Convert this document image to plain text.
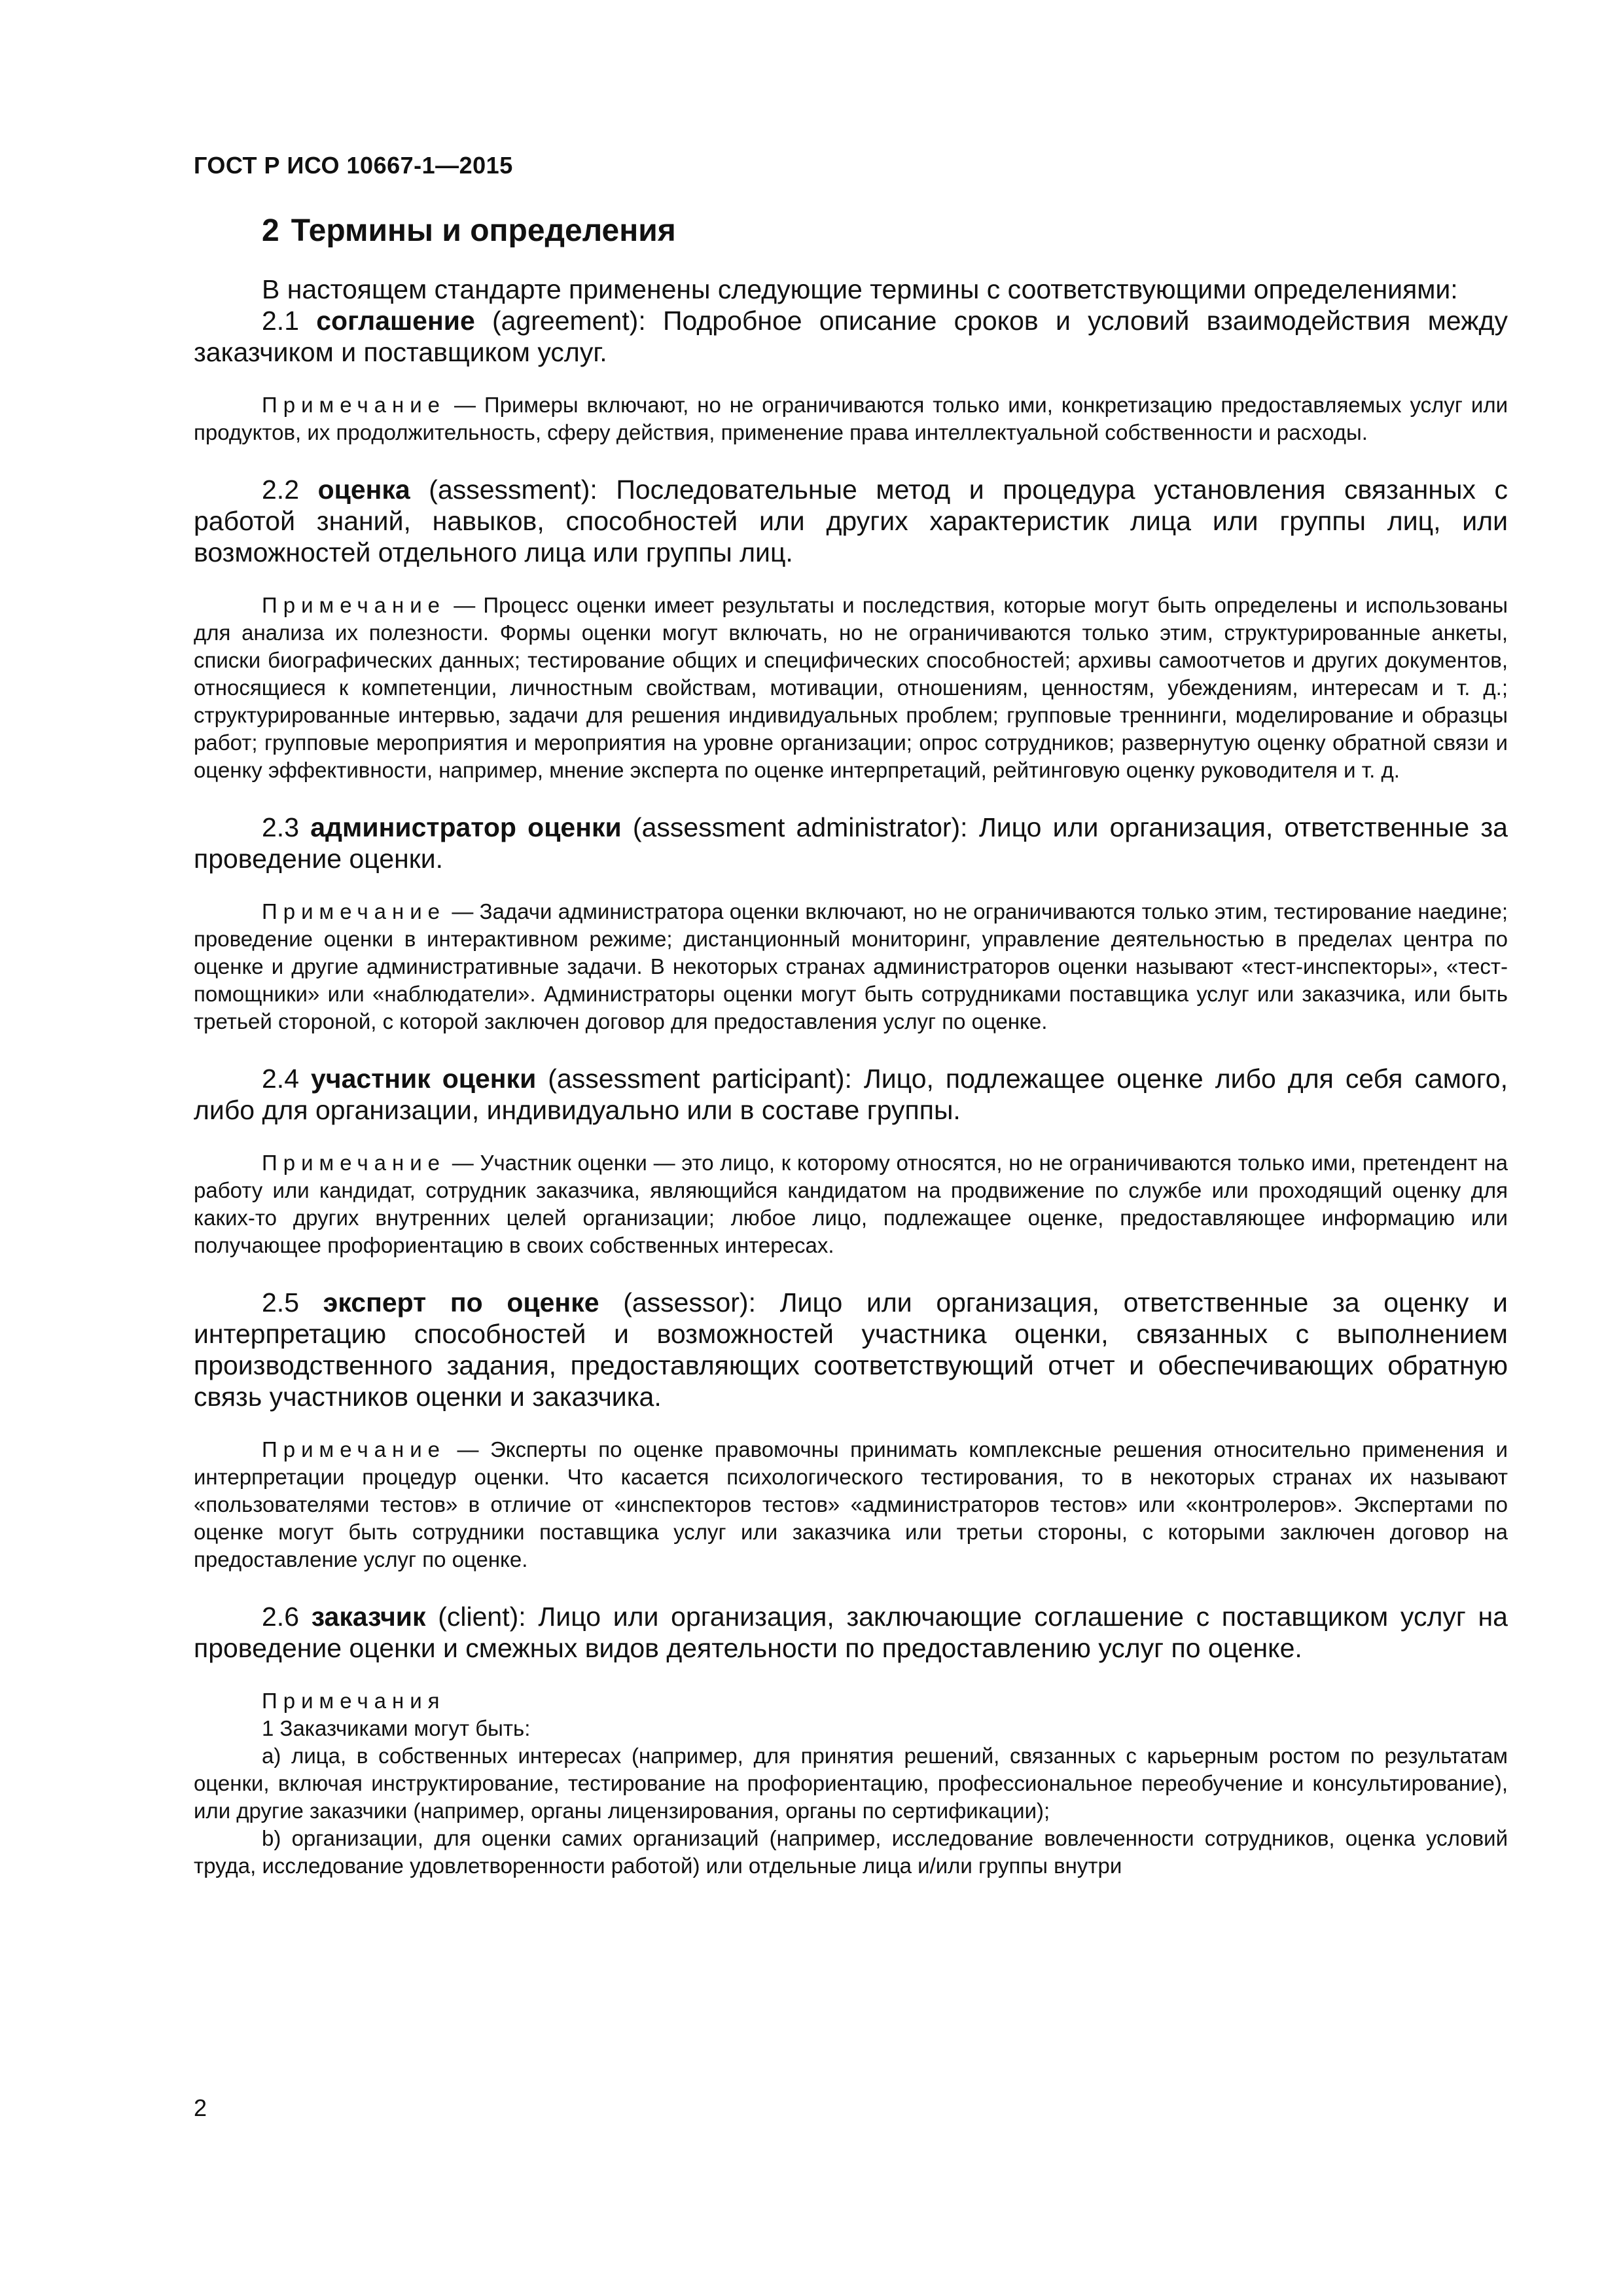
ГОСТ Р ИСО 10667-1—2015
2 Термины и определения

В настоящем стандарте применены следующие термины с соответствующими определениями:

2.1 соглашение (agreement): Подробное описание сроков и условий взаимодействия между заказчиком и поставщиком услуг.

Примечание — Примеры включают, но не ограничиваются только ими, конкретизацию предоставляемых услуг или продуктов, их продолжительность, сферу действия, применение права интеллектуальной собственности и расходы.

2.2 оценка (assessment): Последовательные метод и процедура установления связанных с работой знаний, навыков, способностей или других характеристик лица или группы лиц, или возможностей отдельного лица или группы лиц.

Примечание — Процесс оценки имеет результаты и последствия, которые могут быть определены и использованы для анализа их полезности. Формы оценки могут включать, но не ограничиваются только этим, структурированные анкеты, списки биографических данных; тестирование общих и специфических способностей; архивы самоотчетов и других документов, относящиеся к компетенции, личностным свойствам, мотивации, отношениям, ценностям, убеждениям, интересам и т. д.; структурированные интервью, задачи для решения индивидуальных проблем; групповые треннинги, моделирование и образцы работ; групповые мероприятия и мероприятия на уровне организации; опрос сотрудников; развернутую оценку обратной связи и оценку эффективности, например, мнение эксперта по оценке интерпретаций, рейтинговую оценку руководителя и т. д.

2.3 администратор оценки (assessment administrator): Лицо или организация, ответственные за проведение оценки.

Примечание — Задачи администратора оценки включают, но не ограничиваются только этим, тестирование наедине; проведение оценки в интерактивном режиме; дистанционный мониторинг, управление деятельностью в пределах центра по оценке и другие административные задачи. В некоторых странах администраторов оценки называют «тест-инспекторы», «тест-помощники» или «наблюдатели». Администраторы оценки могут быть сотрудниками поставщика услуг или заказчика, или быть третьей стороной, с которой заключен договор для предоставления услуг по оценке.

2.4 участник оценки (assessment participant): Лицо, подлежащее оценке либо для себя самого, либо для организации, индивидуально или в составе группы.

Примечание — Участник оценки — это лицо, к которому относятся, но не ограничиваются только ими, претендент на работу или кандидат, сотрудник заказчика, являющийся кандидатом на продвижение по службе или проходящий оценку для каких-то других внутренних целей организации; любое лицо, подлежащее оценке, предоставляющее информацию или получающее профориентацию в своих собственных интересах.

2.5 эксперт по оценке (assessor): Лицо или организация, ответственные за оценку и интерпретацию способностей и возможностей участника оценки, связанных с выполнением производственного задания, предоставляющих соответствующий отчет и обеспечивающих обратную связь участников оценки и заказчика.

Примечание — Эксперты по оценке правомочны принимать комплексные решения относительно применения и интерпретации процедур оценки. Что касается психологического тестирования, то в некоторых странах их называют «пользователями тестов» в отличие от «инспекторов тестов» «администраторов тестов» или «контролеров». Экспертами по оценке могут быть сотрудники поставщика услуг или заказчика или третьи стороны, с которыми заключен договор на предоставление услуг по оценке.

2.6 заказчик (client): Лицо или организация, заключающие соглашение с поставщиком услуг на проведение оценки и смежных видов деятельности по предоставлению услуг по оценке.

Примечания

1 Заказчиками могут быть:

a) лица, в собственных интересах (например, для принятия решений, связанных с карьерным ростом по результатам оценки, включая инструктирование, тестирование на профориентацию, профессиональное переобучение и консультирование), или другие заказчики (например, органы лицензирования, органы по сертификации);

b) организации, для оценки самих организаций (например, исследование вовлеченности сотрудников, оценка условий труда, исследование удовлетворенности работой) или отдельные лица и/или группы внутри

2
